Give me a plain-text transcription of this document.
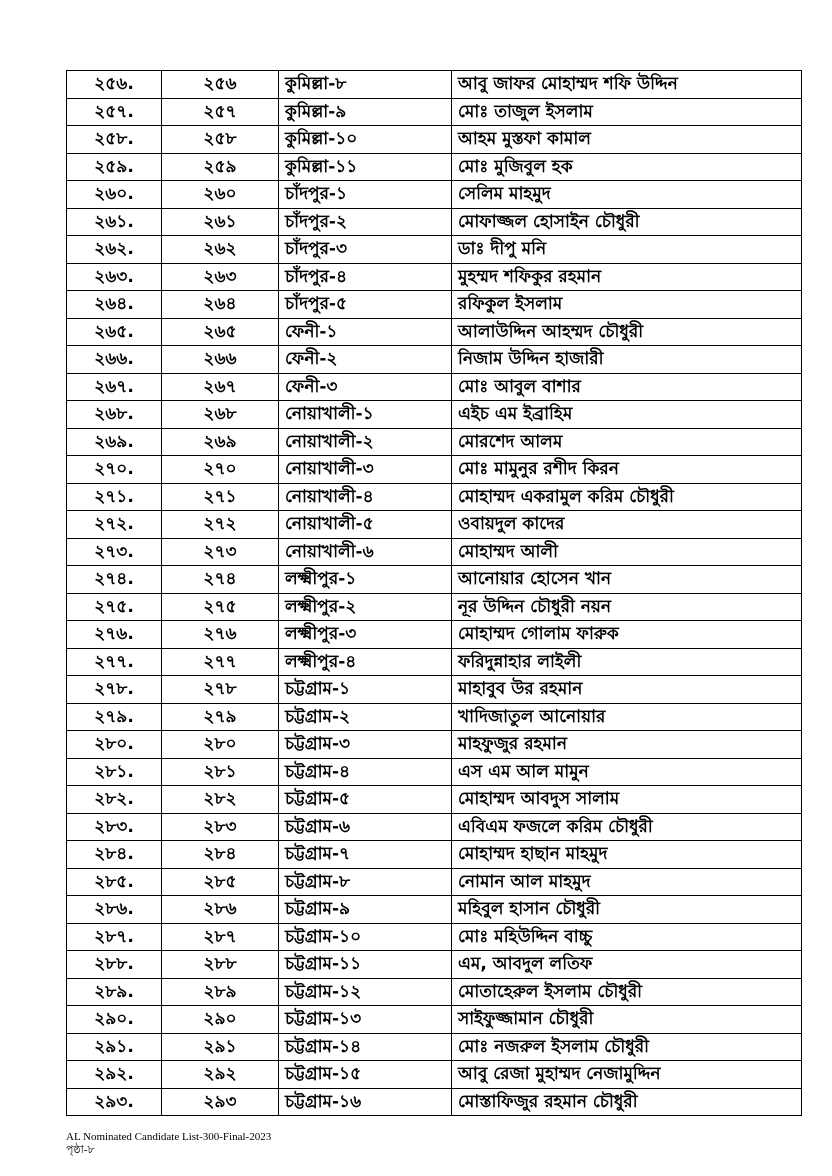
২৫৬.	২৫৬	কুমিল্লা-৮	আবু জাফর মোহাম্মদ শফি উদ্দিন
২৫৭.	২৫৭	কুমিল্লা-৯	মোঃ তাজুল ইসলাম
২৫৮.	২৫৮	কুমিল্লা-১০	আহম মুস্তফা কামাল
২৫৯.	২৫৯	কুমিল্লা-১১	মোঃ মুজিবুল হক
২৬০.	২৬০	চাঁদপুর-১	সেলিম মাহমুদ
২৬১.	২৬১	চাঁদপুর-২	মোফাজ্জল হোসাইন চৌধুরী
২৬২.	২৬২	চাঁদপুর-৩	ডাঃ দীপু মনি
২৬৩.	২৬৩	চাঁদপুর-৪	মুহম্মদ শফিকুর রহমান
২৬৪.	২৬৪	চাঁদপুর-৫	রফিকুল ইসলাম
২৬৫.	২৬৫	ফেনী-১	আলাউদ্দিন আহম্মদ চৌধুরী
২৬৬.	২৬৬	ফেনী-২	নিজাম উদ্দিন হাজারী
২৬৭.	২৬৭	ফেনী-৩	মোঃ আবুল বাশার
২৬৮.	২৬৮	নোয়াখালী-১	এইচ এম ইব্রাহিম
২৬৯.	২৬৯	নোয়াখালী-২	মোরশেদ আলম
২৭০.	২৭০	নোয়াখালী-৩	মোঃ মামুনুর রশীদ কিরন
২৭১.	২৭১	নোয়াখালী-৪	মোহাম্মদ একরামুল করিম চৌধুরী
২৭২.	২৭২	নোয়াখালী-৫	ওবায়দুল কাদের
২৭৩.	২৭৩	নোয়াখালী-৬	মোহাম্মদ আলী
২৭৪.	২৭৪	লক্ষ্মীপুর-১	আনোয়ার হোসেন খান
২৭৫.	২৭৫	লক্ষ্মীপুর-২	নূর উদ্দিন চৌধুরী নয়ন
২৭৬.	২৭৬	লক্ষ্মীপুর-৩	মোহাম্মদ গোলাম ফারুক
২৭৭.	২৭৭	লক্ষ্মীপুর-৪	ফরিদুন্নাহার লাইলী
২৭৮.	২৭৮	চট্টগ্রাম-১	মাহাবুব উর রহমান
২৭৯.	২৭৯	চট্টগ্রাম-২	খাদিজাতুল আনোয়ার
২৮০.	২৮০	চট্টগ্রাম-৩	মাহফুজুর রহমান
২৮১.	২৮১	চট্টগ্রাম-৪	এস এম আল মামুন
২৮২.	২৮২	চট্টগ্রাম-৫	মোহাম্মদ আবদুস সালাম
২৮৩.	২৮৩	চট্টগ্রাম-৬	এবিএম ফজলে করিম চৌধুরী
২৮৪.	২৮৪	চট্টগ্রাম-৭	মোহাম্মদ হাছান মাহমুদ
২৮৫.	২৮৫	চট্টগ্রাম-৮	নোমান আল মাহমুদ
২৮৬.	২৮৬	চট্টগ্রাম-৯	মহিবুল হাসান চৌধুরী
২৮৭.	২৮৭	চট্টগ্রাম-১০	মোঃ মহিউদ্দিন বাচ্চু
২৮৮.	২৮৮	চট্টগ্রাম-১১	এম, আবদুল লতিফ
২৮৯.	২৮৯	চট্টগ্রাম-১২	মোতাহেরুল ইসলাম চৌধুরী
২৯০.	২৯০	চট্টগ্রাম-১৩	সাইফুজ্জামান চৌধুরী
২৯১.	২৯১	চট্টগ্রাম-১৪	মোঃ নজরুল ইসলাম চৌধুরী
২৯২.	২৯২	চট্টগ্রাম-১৫	আবু রেজা মুহাম্মদ নেজামুদ্দিন
২৯৩.	২৯৩	চট্টগ্রাম-১৬	মোস্তাফিজুর রহমান চৌধুরী
AL Nominated Candidate List-300-Final-2023
পৃষ্ঠা-৮
